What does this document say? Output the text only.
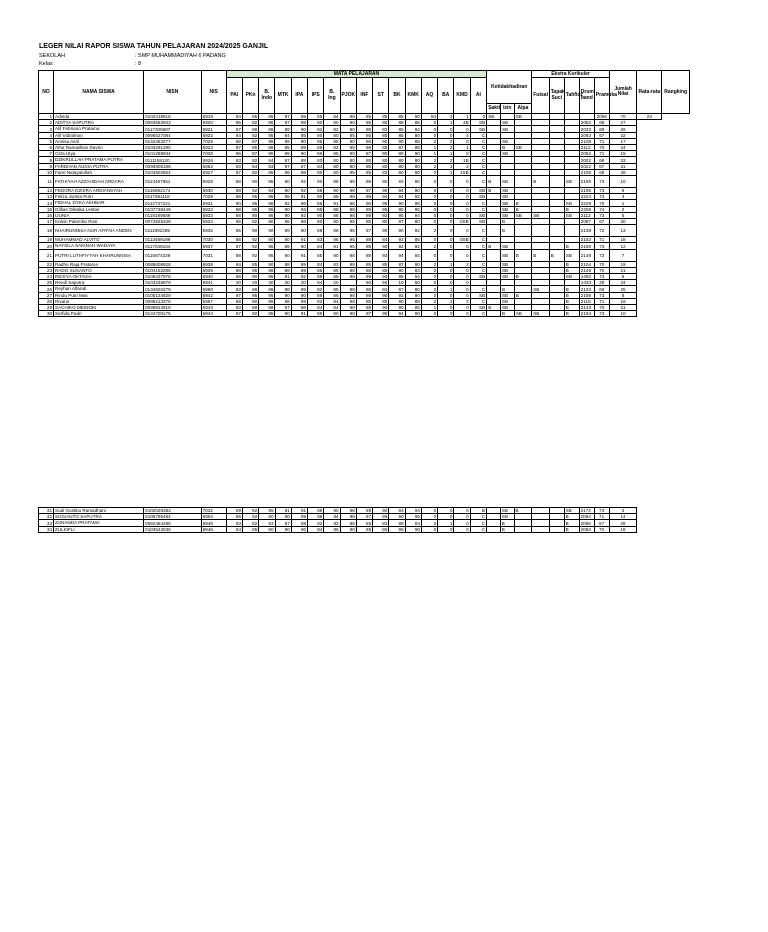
LEGER NILAI RAPOR SISWA TAHUN PELAJARAN 2024/2025 GANJIL
SEKOLAH	: SMP MUHAMMADIYAH 6 PADANG
Kelas	: 8
NO	NAMA SISWA	NISN	NIS	MATA PELAJARAN																Ketidakhadiran			Ekstra Kurikuler					Jumlah Nilai	Rata-rata	Rangking
				PAI	PKn	B. Indo	MTK	IPA	IPS	B. Ing	PJOK	INF	ST	BK	KMK	AQ	BA	KMD	AI				Futsal	Tapak Suci	Tahfidz	Drum band	Pramuka			
																				Sakit	Izin	Alpa								
1	Adinda	0102418818	6919	84	85	86	87	89	85	84	98	85	85	85	90	84	3	1	0	SB		SB					2066	70	23	
2	ADITYA SAPUTRA	0083682943	6920	85	82	85	87	88	80	80	90	85	80	88	85	0	1	4B	SB		SB					2052	68	27		
3	Alif Febriano Pratama	0117305887	6921	87	88	89	89	90	82	82	90	86	82	85	84	0	0	0	SB		SB					2033	69	26		
4	Alif Vidialmon	0095527084	6922	84	82	85	84	85	80	80	85	85	80	85	80	0	0	4	C							2063	67	32		
5	Annisa Asril	0142453277	7028	88	87	95	89	90	85	85	90	86	90	90	85	2	2	0	C		SB					2108	71	17		
6	Atha Ramadhan Davrin	0103291290	6923	87	85	85	85	89	85	83	95	86	85	87	88	1	2	1	C		B	SB				2112	70	24		
7	Citra Utya	0101289834	7039	86	87	95	89	90	86	85	90	87	90	89	90	1	1	0	C		SB					2062	71	15		
8	DZIKRULLAH PRATAMA PUTRA	0111158120	6926	83	82	84	87	88	80	80	80	85	80	80	80	2	2	1B	C							2002	66	33		
9	FARDHAN AUDIA PUTRA	0096808188	6862	83	84	83	87	87	84	80	90	85	80	80	80	2	1	2	C							2022	67	31		
10	Farel Nidayatullah	0104503554	6927	87	82	85	88	88	80	80	95	85	82	80	80	0	1	1SB	C							2106	68	28		
11	FATHIYAH AZZAHIDAH ARDARA	0113497961	6928	88	90	95	90	92	90	88	98	88	90	93	90	0	0	0	C	B	SB		B		SB	2185	73	10		
12	FEDORA DZIKRA ARDIANSYAH	0116682174	6930	88	92	94	90	92	88	90	98	87	90	94	90	0	0	0	SB	B	SB					2195	73	9		
13	Feliza Jumita Putri	0117681118	7029	88	95	95	89	91	90	88	98	88	94	94	92	0	0	0	SB		SB					2224	73	3		
14	FIDHAL DYKA AKHBAR	0112737221	6931	90	95	98	92	96	86	91	98	90	95	90	95	0	0	0	C		SB	B			SB	2229	75	1		
15	Gilfian Dikalka Lestari	0107739449	6932	88	95	95	90	93	88	88	98	89	95	95	95	0	0	0	C		SB	B			B	2208	74	2		
16	IJUNIA	0118189589	6933	88	90	95	90	92	90	88	98	89	92	95	94	0	0	0	SB		SB	SB	SB		SB	2112	73	5		
17	Kelvin Palembo Rosi	0074825348	6934	86	82	80	85	88	80	80	95	85	80	87	80	0	0	0SB	SB		B					2087	67	30		
18	KHAIRUNNISA NUR AFIFAH ANDEN	0111992489	6935	85	90	90	89	90	88	88	95	87	90	90	92	2	0	0	C		B					2139	72	13		
19	MUHAMMAD ALVITO	0113489189	7030	88	92	90	90	91	83	86	95	88	84	93	85	0	0	0SB	C							2152	71	18		
20	NAYSILA SAKINAH WADAYA	0117048154	6937	87	92	95	89	90	84	91	95	88	90	92	92	2	0	0	C	B	SB				B	2185	73	12		
21	PUTRI LUTHFIYYAH KHAIRUNNISA	0115874329	7031	88	92	95	90	91	85	90	98	89	93	94	94	0	0	0	C		SB	B	B	B	SB	2149	73	7		
22	Radho Raja Pratama	0088608928	6938	84	85	90	88	89	84	83	98	85	85	87	90	2	1	2	C		SB				B	2104	70	19		
23	RADO SUSANTO	0104152295	6939	86	85	88	89	89	85	85	98	86	85	90	83	0	0	0	C		SB				B	2149	70	21		
24	REISYA OKTAVIA	0108437978	6940	88	90	95	91	92	88	88	98	89	93	95	94	0	0	0	SB		SB	B			SB	1492	73	6		
25	Rendi Saputra	0103248679	6941	20	20	30	30	20	84	20		60	50	10	50	0	0	0								1433	28	34		
26	Reyhan Alfarab	0134602279	6960	83	88	88	88	89	82	85	98	86	84	87	80	2	1	0	C		B		SB		B	2133	69	25		
27	Rindu Putri Mas	0105124829	6942	87	95	95	90	90	89	86	98	89	90	93	90	0	0	0	SB		SB	B			B	2159	73	8		
28	Rivano	0098213378	6957	88	90	95	88	89	82	84	98	85	85	90	88	2	1	2	C		SB				B	2116	71	16		
29	SACHIKO MEINOKI	0099924918	6943	83	88	88	87	88	84	84	98	85	90	90	85	1	0	0	SB	B	SB				B	2143	70	21		
30	Serfida Padri	0134700175	6944	87	92	95	90	91	88	90	98	87	90	94	90	0	0	0	C		B	SB	SB		B	2194	73	10		
31	Sudi Gustika Ramadhani	0102028383	7032	89	92	95	91	91	88	90	98	89	90	94	94	0	0	0	B		SB	B			SB	2174	73	3
32	SUGIANTO SAPUTRA	0106795464	6954	85	92	90	90	89	86	84	98	87	86	90	95	0	0	0	C		SB				B	2084	71	14
33	ZUNANDA PRATAMA	0092484288	6945	83	82	83	87	88	82	83	86	85	83	88	84	2	1	0	C		B				B	2065	67	29
34	ZULKIFLI	0103542836	6946	84	85	90	90	90	84	86	90	85	86	95	90	0	0	0	C		B				B	2053	70	19
